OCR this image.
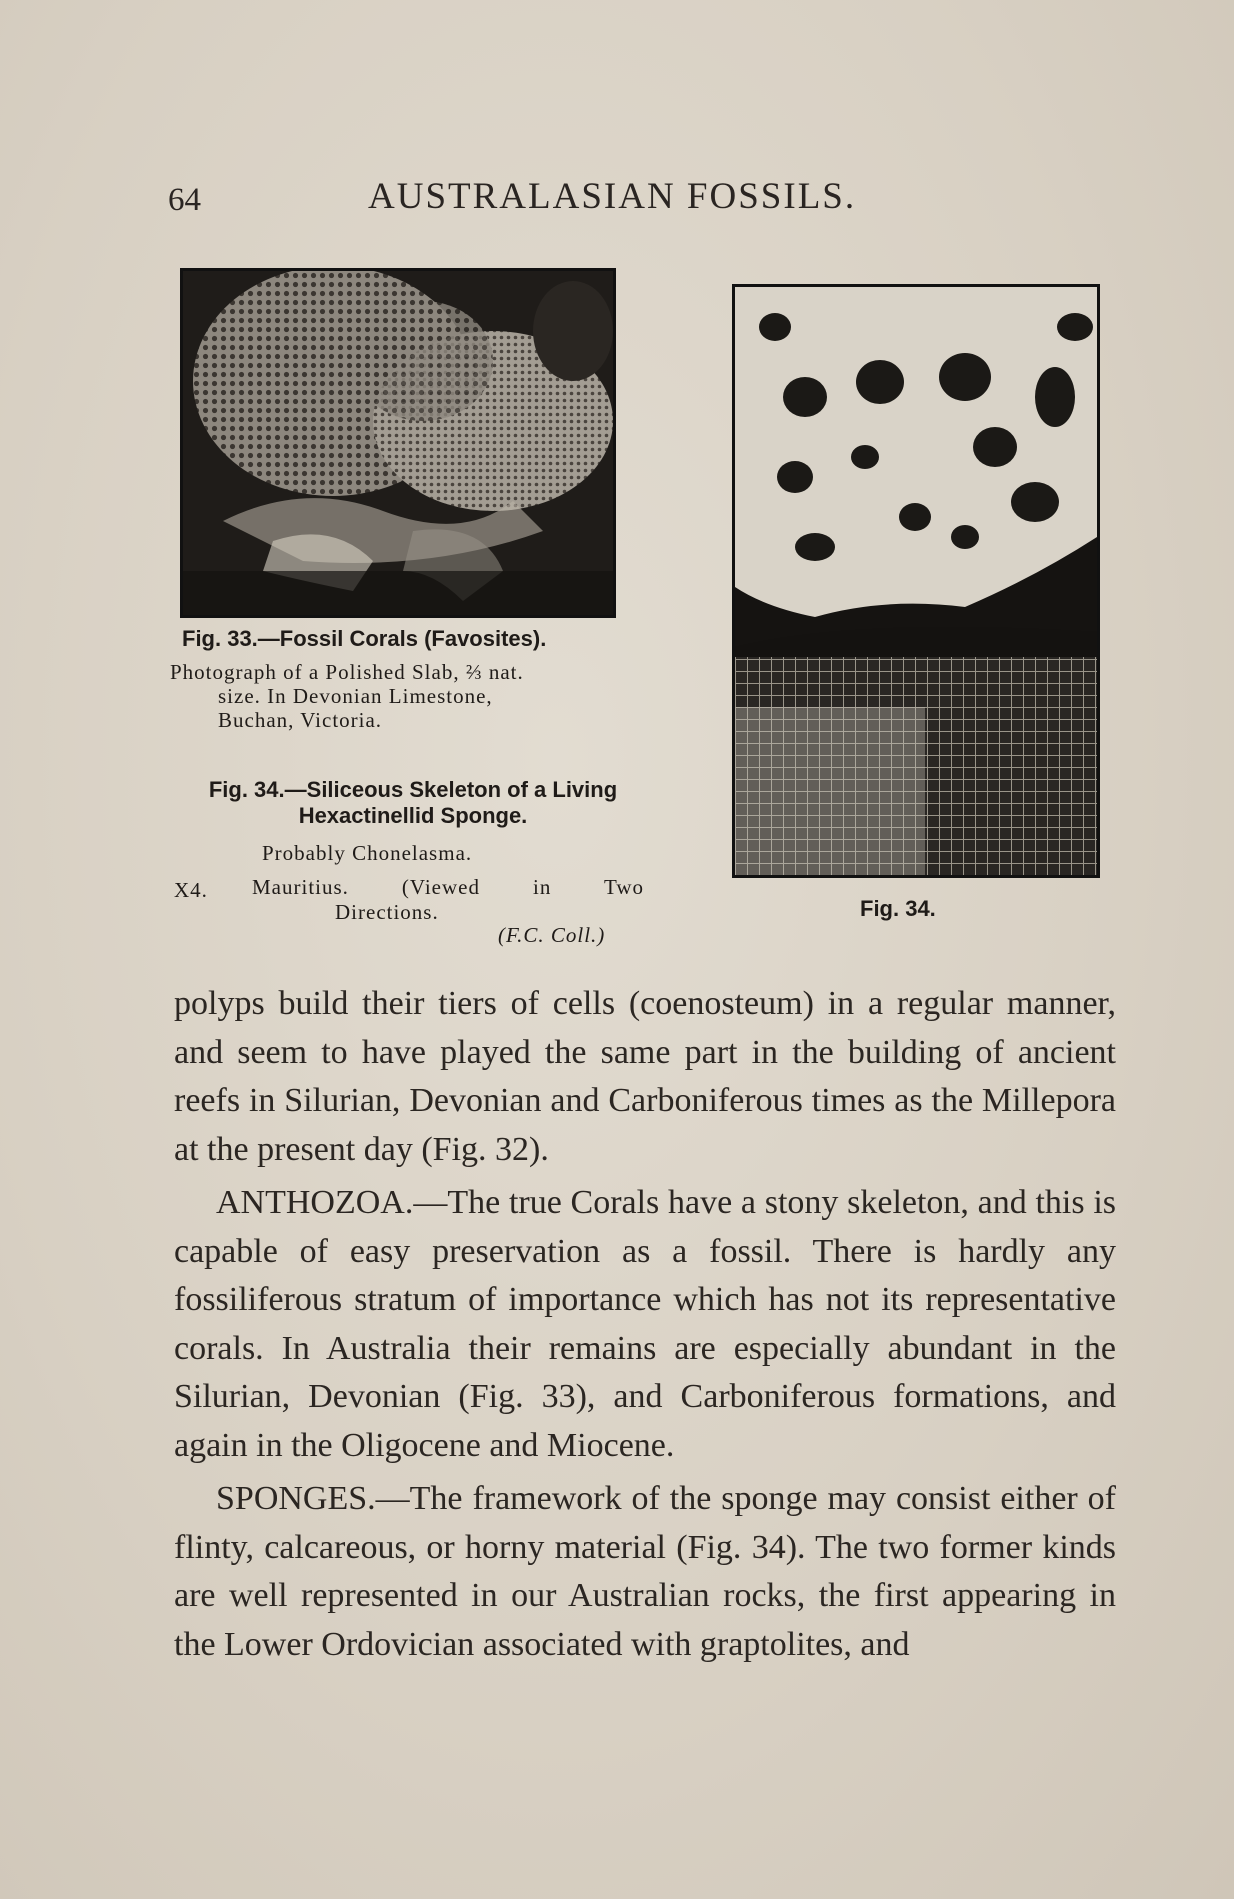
64	AUSTRALASIAN FOSSILS.
Fig. 33.—Fossil Corals (Favosites).
Photograph of a Polished Slab, ⅔ nat.
size. In Devonian Limestone,
Buchan, Victoria.
Fig. 34.—Siliceous Skeleton of a Living
Hexactinellid Sponge.
Probably Chonelasma.
X4. Mauritius. (Viewed in Two
Directions.
(F.C. Coll.)
Fig. 34.

polyps build their tiers of cells (coenosteum) in a regular manner, and seem to have played the same part in the building of ancient reefs in Silurian, Devonian and Carboniferous times as the Millepora at the present day (Fig. 32).

ANTHOZOA.—The true Corals have a stony skeleton, and this is capable of easy preservation as a fossil. There is hardly any fossiliferous stratum of importance which has not its representative corals. In Australia their remains are especially abundant in the Silurian, Devonian (Fig. 33), and Carboniferous formations, and again in the Oligocene and Miocene.

SPONGES.—The framework of the sponge may consist either of flinty, calcareous, or horny material (Fig. 34). The two former kinds are well represented in our Australian rocks, the first appearing in the Lower Ordovician associated with graptolites, and
